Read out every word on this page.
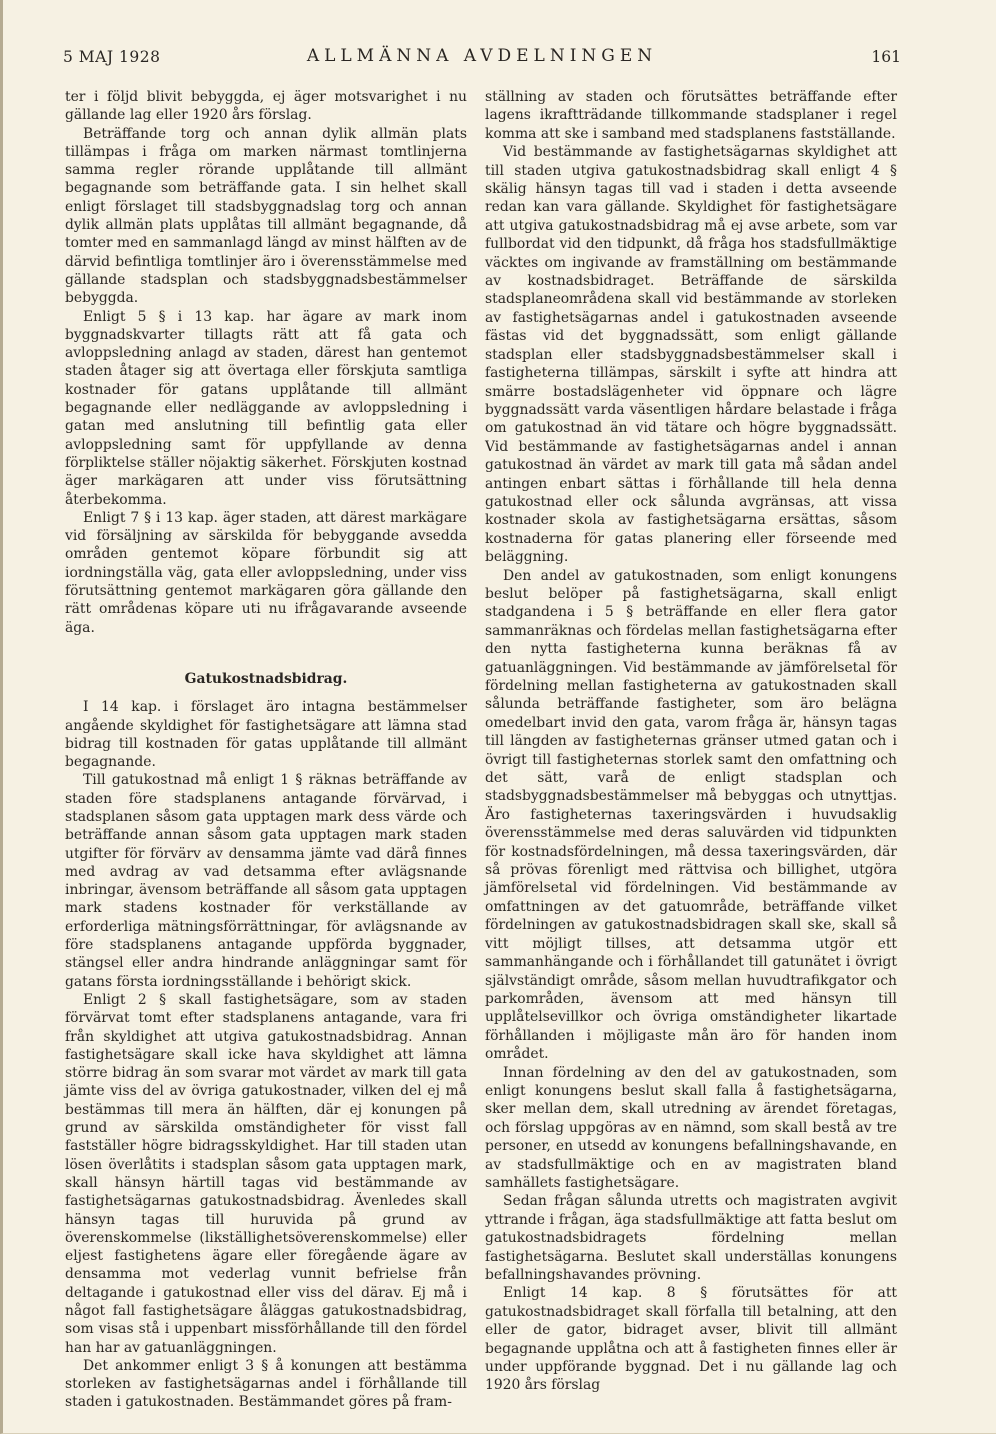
5 MAJ 1928	ALLMÄNNA AVDELNINGEN	161

ter i följd blivit bebyggda, ej äger motsvarighet i nu gällande lag eller 1920 års förslag.

Beträffande torg och annan dylik allmän plats tillämpas i fråga om marken närmast tomtlinjerna samma regler rörande upplåtande till allmänt begagnande som beträffande gata. I sin helhet skall enligt förslaget till stadsbyggnadslag torg och annan dylik allmän plats upplåtas till allmänt begagnande, då tomter med en sammanlagd längd av minst hälften av de därvid befintliga tomtlinjer äro i överensstämmelse med gällande stadsplan och stadsbyggnadsbestämmelser bebyggda.

Enligt 5 § i 13 kap. har ägare av mark inom byggnadskvarter tillagts rätt att få gata och avloppsledning anlagd av staden, därest han gentemot staden åtager sig att övertaga eller förskjuta samtliga kostnader för gatans upplåtande till allmänt begagnande eller nedläggande av avloppsledning i gatan med anslutning till befintlig gata eller avloppsledning samt för uppfyllande av denna förpliktelse ställer nöjaktig säkerhet. Förskjuten kostnad äger markägaren att under viss förutsättning återbekomma.

Enligt 7 § i 13 kap. äger staden, att därest markägare vid försäljning av särskilda för bebyggande avsedda områden gentemot köpare förbundit sig att iordningställa väg, gata eller avloppsledning, under viss förutsättning gentemot markägaren göra gällande den rätt områdenas köpare uti nu ifrågavarande avseende äga.

Gatukostnadsbidrag.

I 14 kap. i förslaget äro intagna bestämmelser angående skyldighet för fastighetsägare att lämna stad bidrag till kostnaden för gatas upplåtande till allmänt begagnande.

Till gatukostnad må enligt 1 § räknas beträffande av staden före stadsplanens antagande förvärvad, i stadsplanen såsom gata upptagen mark dess värde och beträffande annan såsom gata upptagen mark staden utgifter för förvärv av densamma jämte vad därå finnes med avdrag av vad detsamma efter avlägsnande inbringar, ävensom beträffande all såsom gata upptagen mark stadens kostnader för verkställande av erforderliga mätningsförrättningar, för avlägsnande av före stadsplanens antagande uppförda byggnader, stängsel eller andra hindrande anläggningar samt för gatans första iordningsställande i behörigt skick.

Enligt 2 § skall fastighetsägare, som av staden förvärvat tomt efter stadsplanens antagande, vara fri från skyldighet att utgiva gatukostnadsbidrag. Annan fastighetsägare skall icke hava skyldighet att lämna större bidrag än som svarar mot värdet av mark till gata jämte viss del av övriga gatukostnader, vilken del ej må bestämmas till mera än hälften, där ej konungen på grund av särskilda omständigheter för visst fall fastställer högre bidragsskyldighet. Har till staden utan lösen överlåtits i stadsplan såsom gata upptagen mark, skall hänsyn härtill tagas vid bestämmande av fastighetsägarnas gatukostnadsbidrag. Ävenledes skall hänsyn tagas till huruvida på grund av överenskommelse (likställighetsöverenskommelse) eller eljest fastighetens ägare eller föregående ägare av densamma mot vederlag vunnit befrielse från deltagande i gatukostnad eller viss del därav. Ej må i något fall fastighetsägare åläggas gatukostnadsbidrag, som visas stå i uppenbart missförhållande till den fördel han har av gatuanläggningen.

Det ankommer enligt 3 § å konungen att bestämma storleken av fastighetsägarnas andel i förhållande till staden i gatukostnaden. Bestämmandet göres på fram-

ställning av staden och förutsättes beträffande efter lagens ikraftträdande tillkommande stadsplaner i regel komma att ske i samband med stadsplanens fastställande.

Vid bestämmande av fastighetsägarnas skyldighet att till staden utgiva gatukostnadsbidrag skall enligt 4 § skälig hänsyn tagas till vad i staden i detta avseende redan kan vara gällande. Skyldighet för fastighetsägare att utgiva gatukostnadsbidrag må ej avse arbete, som var fullbordat vid den tidpunkt, då fråga hos stadsfullmäktige väcktes om ingivande av framställning om bestämmande av kostnadsbidraget. Beträffande de särskilda stadsplaneområdena skall vid bestämmande av storleken av fastighetsägarnas andel i gatukostnaden avseende fästas vid det byggnadssätt, som enligt gällande stadsplan eller stadsbyggnadsbestämmelser skall i fastigheterna tillämpas, särskilt i syfte att hindra att smärre bostadslägenheter vid öppnare och lägre byggnadssätt varda väsentligen hårdare belastade i fråga om gatukostnad än vid tätare och högre byggnadssätt. Vid bestämmande av fastighetsägarnas andel i annan gatukostnad än värdet av mark till gata må sådan andel antingen enbart sättas i förhållande till hela denna gatukostnad eller ock sålunda avgränsas, att vissa kostnader skola av fastighetsägarna ersättas, såsom kostnaderna för gatas planering eller förseende med beläggning.

Den andel av gatukostnaden, som enligt konungens beslut belöper på fastighetsägarna, skall enligt stadgandena i 5 § beträffande en eller flera gator sammanräknas och fördelas mellan fastighetsägarna efter den nytta fastigheterna kunna beräknas få av gatuanläggningen. Vid bestämmande av jämförelsetal för fördelning mellan fastigheterna av gatukostnaden skall sålunda beträffande fastigheter, som äro belägna omedelbart invid den gata, varom fråga är, hänsyn tagas till längden av fastigheternas gränser utmed gatan och i övrigt till fastigheternas storlek samt den omfattning och det sätt, varå de enligt stadsplan och stadsbyggnadsbestämmelser må bebyggas och utnyttjas. Äro fastigheternas taxeringsvärden i huvudsaklig överensstämmelse med deras saluvärden vid tidpunkten för kostnadsfördelningen, må dessa taxeringsvärden, där så prövas förenligt med rättvisa och billighet, utgöra jämförelsetal vid fördelningen. Vid bestämmande av omfattningen av det gatuområde, beträffande vilket fördelningen av gatukostnadsbidragen skall ske, skall så vitt möjligt tillses, att detsamma utgör ett sammanhängande och i förhållandet till gatunätet i övrigt självständigt område, såsom mellan huvudtrafikgator och parkområden, ävensom att med hänsyn till upplåtelsevillkor och övriga omständigheter likartade förhållanden i möjligaste mån äro för handen inom området.

Innan fördelning av den del av gatukostnaden, som enligt konungens beslut skall falla å fastighetsägarna, sker mellan dem, skall utredning av ärendet företagas, och förslag uppgöras av en nämnd, som skall bestå av tre personer, en utsedd av konungens befallningshavande, en av stadsfullmäktige och en av magistraten bland samhällets fastighetsägare.

Sedan frågan sålunda utretts och magistraten avgivit yttrande i frågan, äga stadsfullmäktige att fatta beslut om gatukostnadsbidragets fördelning mellan fastighetsägarna. Beslutet skall underställas konungens befallningshavandes prövning.

Enligt 14 kap. 8 § förutsättes för att gatukostnadsbidraget skall förfalla till betalning, att den eller de gator, bidraget avser, blivit till allmänt begagnande upplåtna och att å fastigheten finnes eller är under uppförande byggnad. Det i nu gällande lag och 1920 års förslag
